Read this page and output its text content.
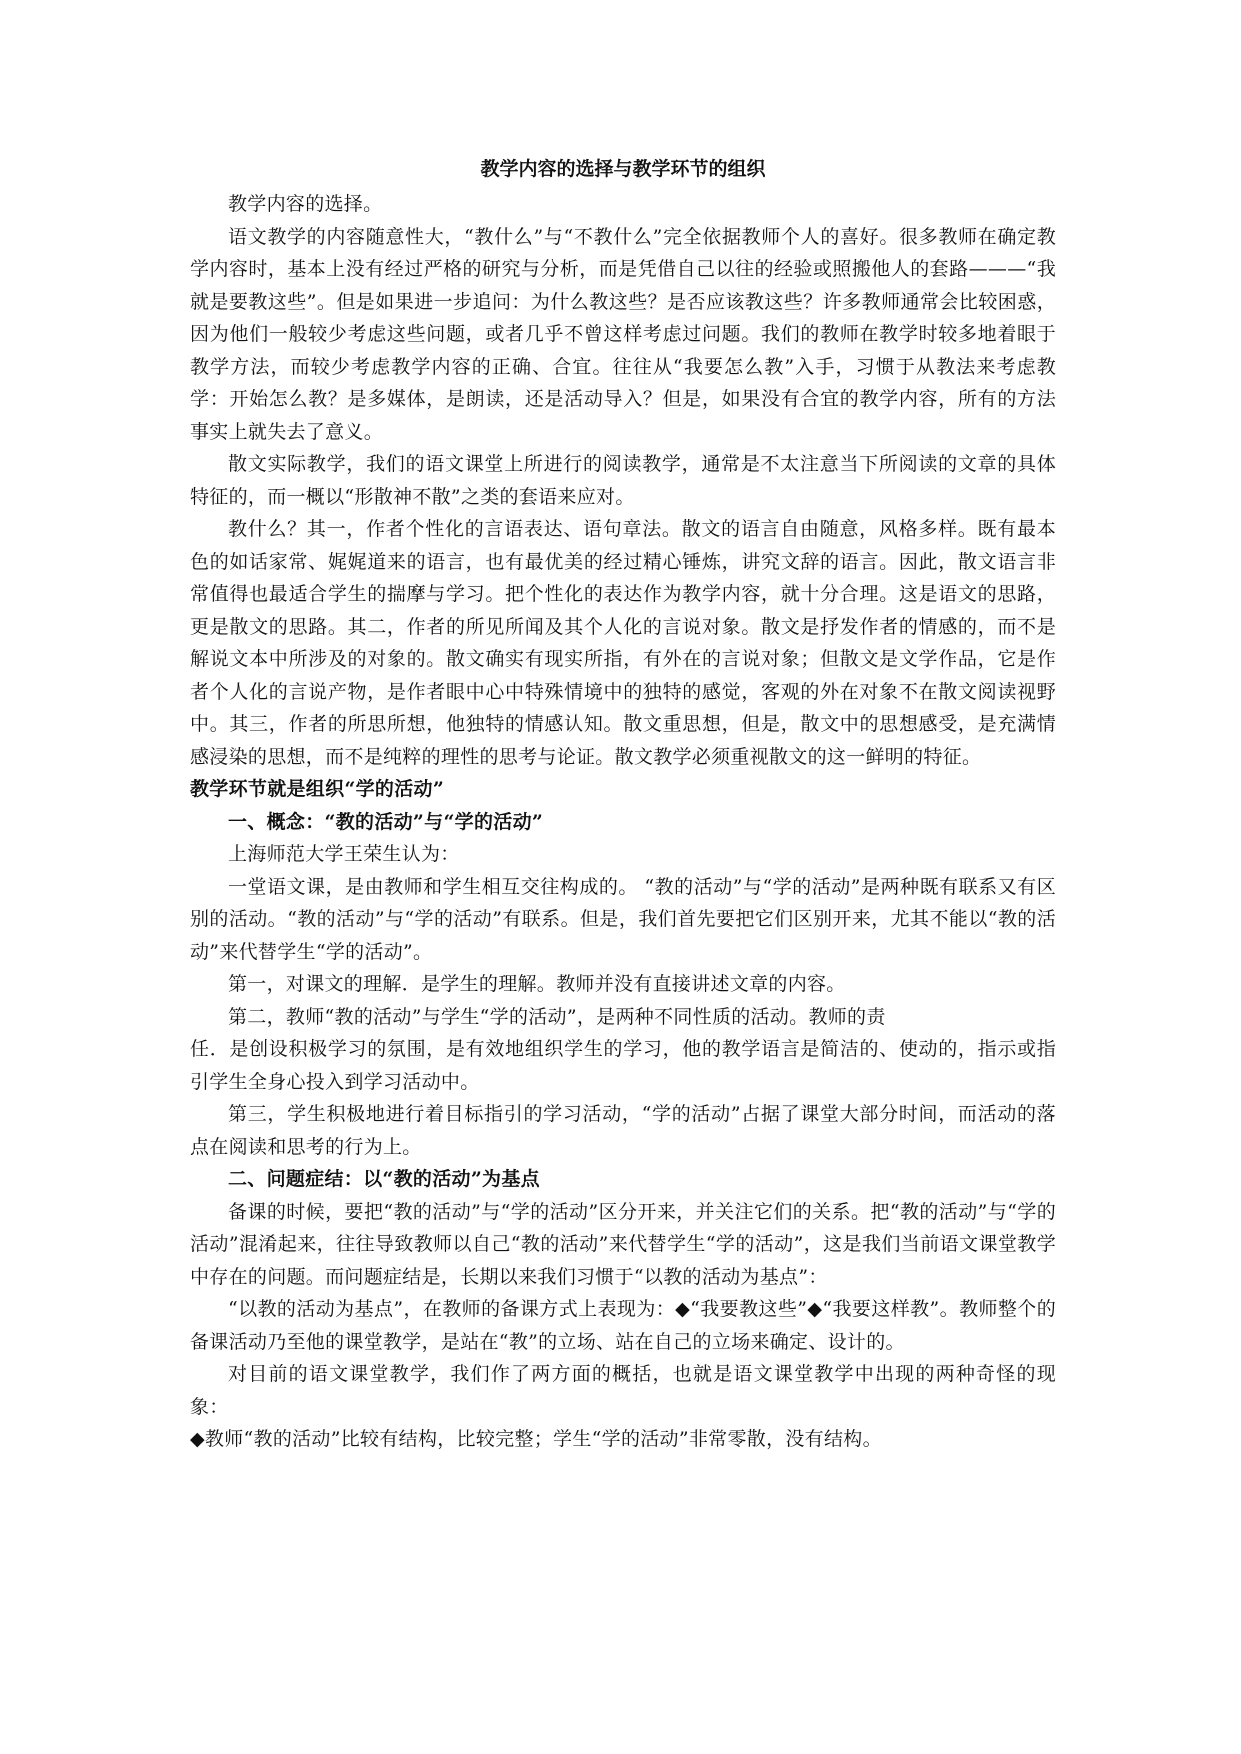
教学内容的选择与教学环节的组织

教学内容的选择。

语文教学的内容随意性大，“教什么”与“不教什么”完全依据教师个人的喜好。很多教师在确定教学内容时，基本上没有经过严格的研究与分析，而是凭借自己以往的经验或照搬他人的套路———“我就是要教这些”。但是如果进一步追问：为什么教这些？是否应该教这些？许多教师通常会比较困惑，因为他们一般较少考虑这些问题，或者几乎不曾这样考虑过问题。我们的教师在教学时较多地着眼于教学方法，而较少考虑教学内容的正确、合宜。往往从“我要怎么教”入手，习惯于从教法来考虑教学：开始怎么教？是多媒体，是朗读，还是活动导入？但是，如果没有合宜的教学内容，所有的方法事实上就失去了意义。

散文实际教学，我们的语文课堂上所进行的阅读教学，通常是不太注意当下所阅读的文章的具体特征的，而一概以“形散神不散”之类的套语来应对。

教什么？其一，作者个性化的言语表达、语句章法。散文的语言自由随意，风格多样。既有最本色的如话家常、娓娓道来的语言，也有最优美的经过精心锤炼，讲究文辞的语言。因此，散文语言非常值得也最适合学生的揣摩与学习。把个性化的表达作为教学内容，就十分合理。这是语文的思路，更是散文的思路。其二，作者的所见所闻及其个人化的言说对象。散文是抒发作者的情感的，而不是解说文本中所涉及的对象的。散文确实有现实所指，有外在的言说对象；但散文是文学作品，它是作者个人化的言说产物，是作者眼中心中特殊情境中的独特的感觉，客观的外在对象不在散文阅读视野中。其三，作者的所思所想，他独特的情感认知。散文重思想，但是，散文中的思想感受，是充满情感浸染的思想，而不是纯粹的理性的思考与论证。散文教学必须重视散文的这一鲜明的特征。

教学环节就是组织“学的活动”

一、概念：“教的活动”与“学的活动”

上海师范大学王荣生认为：

一堂语文课，是由教师和学生相互交往构成的。 “教的活动”与“学的活动”是两种既有联系又有区别的活动。“教的活动”与“学的活动”有联系。但是，我们首先要把它们区别开来，尤其不能以“教的活动”来代替学生“学的活动”。

第一，对课文的理解．是学生的理解。教师并没有直接讲述文章的内容。

第二，教师“教的活动”与学生“学的活动”，是两种不同性质的活动。教师的责

任．是创设积极学习的氛围，是有效地组织学生的学习，他的教学语言是简洁的、使动的，指示或指引学生全身心投入到学习活动中。

第三，学生积极地进行着目标指引的学习活动，“学的活动”占据了课堂大部分时间，而活动的落点在阅读和思考的行为上。

二、问题症结：以“教的活动”为基点

备课的时候，要把“教的活动”与“学的活动”区分开来，并关注它们的关系。把“教的活动”与“学的活动”混淆起来，往往导致教师以自己“教的活动”来代替学生“学的活动”，这是我们当前语文课堂教学中存在的问题。而问题症结是，长期以来我们习惯于“以教的活动为基点”：

“以教的活动为基点”，在教师的备课方式上表现为：◆“我要教这些”◆“我要这样教”。教师整个的备课活动乃至他的课堂教学，是站在“教”的立场、站在自己的立场来确定、设计的。

对目前的语文课堂教学，我们作了两方面的概括，也就是语文课堂教学中出现的两种奇怪的现象：

◆教师“教的活动”比较有结构，比较完整；学生“学的活动”非常零散，没有结构。
